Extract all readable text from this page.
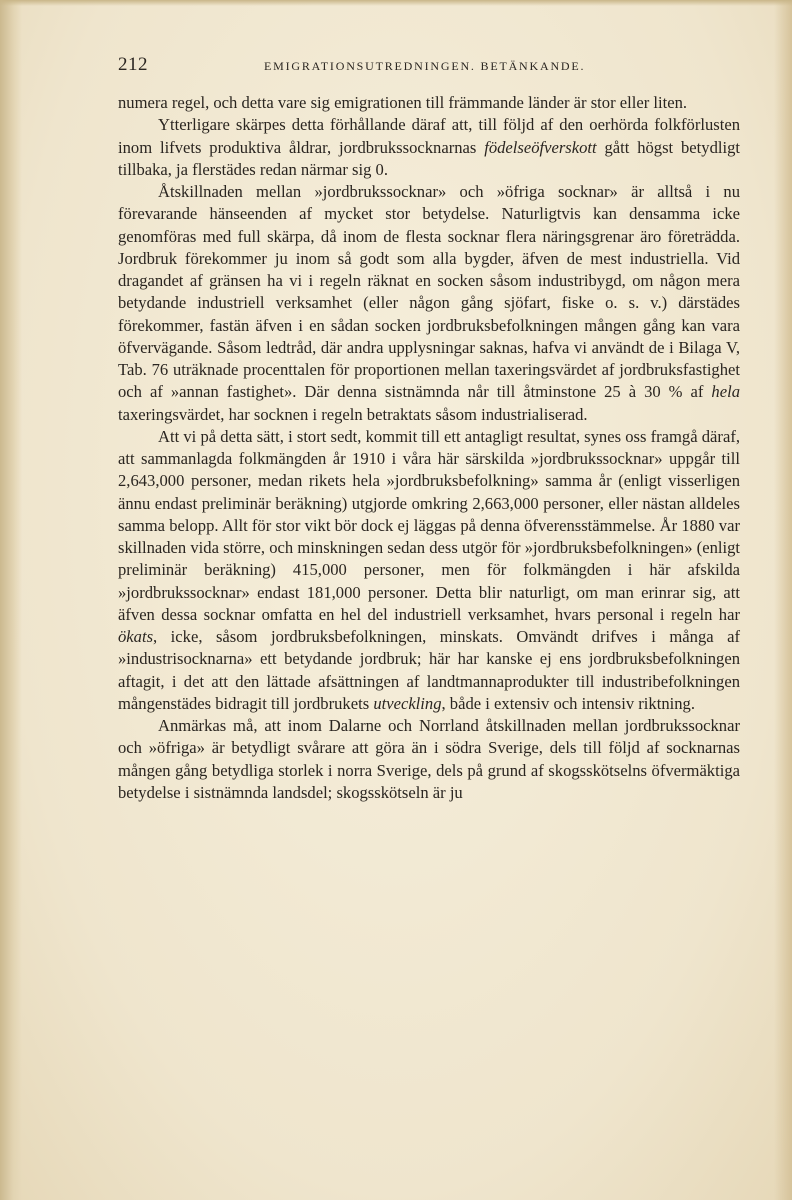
212	EMIGRATIONSUTREDNINGEN. BETÄNKANDE.

numera regel, och detta vare sig emigrationen till främmande länder är stor eller liten.

Ytterligare skärpes detta förhållande däraf att, till följd af den oerhörda folkförlusten inom lifvets produktiva åldrar, jordbrukssocknarnas födelseöfverskott gått högst betydligt tillbaka, ja flerstädes redan närmar sig 0.

Åtskillnaden mellan »jordbrukssocknar» och »öfriga socknar» är alltså i nu förevarande hänseenden af mycket stor betydelse. Naturligtvis kan densamma icke genomföras med full skärpa, då inom de flesta socknar flera näringsgrenar äro företrädda. Jordbruk förekommer ju inom så godt som alla bygder, äfven de mest industriella. Vid dragandet af gränsen ha vi i regeln räknat en socken såsom industribygd, om någon mera betydande industriell verksamhet (eller någon gång sjöfart, fiske o. s. v.) därstädes förekommer, fastän äfven i en sådan socken jordbruksbefolkningen mången gång kan vara öfvervägande. Såsom ledtråd, där andra upplysningar saknas, hafva vi användt de i Bilaga V, Tab. 76 uträknade procenttalen för proportionen mellan taxeringsvärdet af jordbruksfastighet och af »annan fastighet». Där denna sistnämnda når till åtminstone 25 à 30 % af hela taxeringsvärdet, har socknen i regeln betraktats såsom industrialiserad.

Att vi på detta sätt, i stort sedt, kommit till ett antagligt resultat, synes oss framgå däraf, att sammanlagda folkmängden år 1910 i våra här särskilda »jordbrukssocknar» uppgår till 2,643,000 personer, medan rikets hela »jordbruksbefolkning» samma år (enligt visserligen ännu endast preliminär beräkning) utgjorde omkring 2,663,000 personer, eller nästan alldeles samma belopp. Allt för stor vikt bör dock ej läggas på denna öfverensstämmelse. År 1880 var skillnaden vida större, och minskningen sedan dess utgör för »jordbruksbefolkningen» (enligt preliminär beräkning) 415,000 personer, men för folkmängden i här afskilda »jordbrukssocknar» endast 181,000 personer. Detta blir naturligt, om man erinrar sig, att äfven dessa socknar omfatta en hel del industriell verksamhet, hvars personal i regeln har ökats, icke, såsom jordbruksbefolkningen, minskats. Omvändt drifves i många af »industrisocknarna» ett betydande jordbruk; här har kanske ej ens jordbruksbefolkningen aftagit, i det att den lättade afsättningen af landtmannaprodukter till industribefolkningen mångenstädes bidragit till jordbrukets utveckling, både i extensiv och intensiv riktning.

Anmärkas må, att inom Dalarne och Norrland åtskillnaden mellan jordbrukssocknar och »öfriga» är betydligt svårare att göra än i södra Sverige, dels till följd af socknarnas mången gång betydliga storlek i norra Sverige, dels på grund af skogsskötselns öfvermäktiga betydelse i sistnämnda landsdel; skogsskötseln är ju
